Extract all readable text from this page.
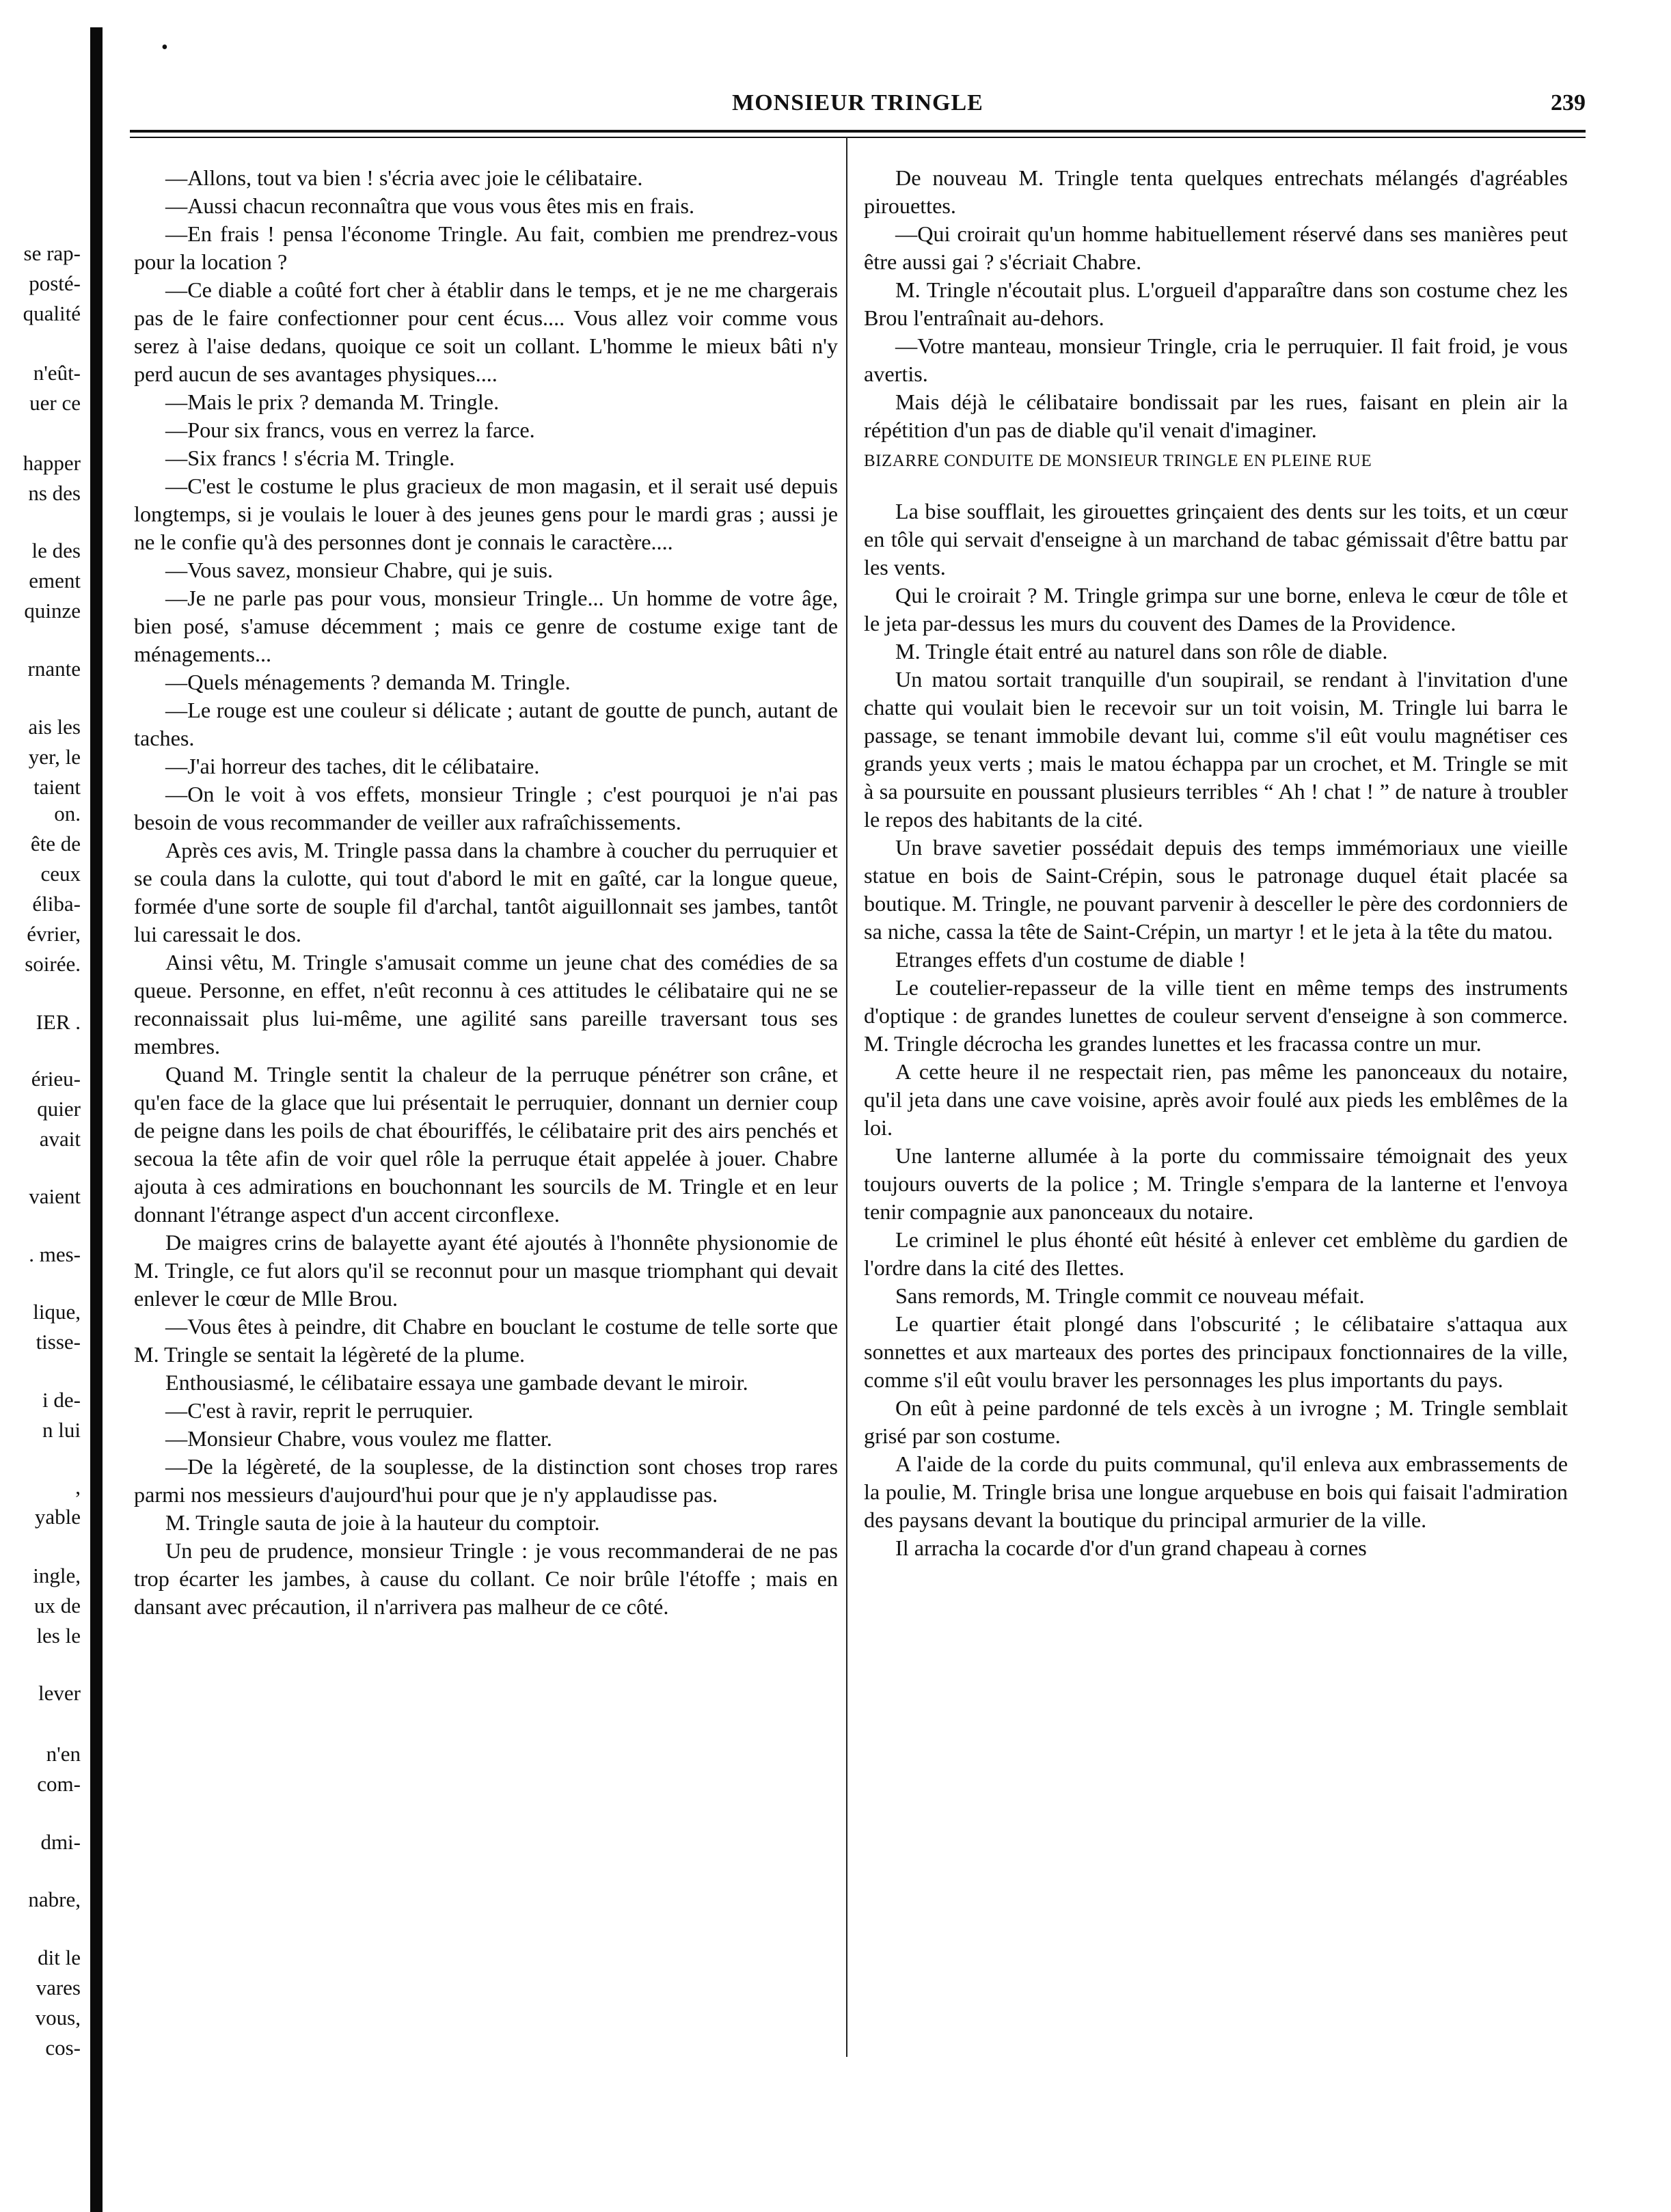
se rap-
posté-
qualité
n'eût-
uer ce
happer
ns des
le des
ement
quinze
rnante
ais les
yer, le
taient
on.
ête de
ceux
éliba-
évrier,
soirée.
IER .
érieu-
quier
avait
vaient
. mes-
lique,
tisse-
i de-
n lui
,
yable
ingle,
ux de
les le
lever
n'en
com-
dmi-
nabre,
dit le
vares
vous,
cos-
•
MONSIEUR TRINGLE	239

—Allons, tout va bien ! s'écria avec joie le célibataire.

—Aussi chacun reconnaîtra que vous vous êtes mis en frais.

—En frais ! pensa l'économe Tringle. Au fait, combien me prendrez-vous pour la location ?

—Ce diable a coûté fort cher à établir dans le temps, et je ne me chargerais pas de le faire confectionner pour cent écus.... Vous allez voir comme vous serez à l'aise dedans, quoique ce soit un collant. L'homme le mieux bâti n'y perd aucun de ses avantages physiques....

—Mais le prix ? demanda M. Tringle.

—Pour six francs, vous en verrez la farce.

—Six francs ! s'écria M. Tringle.

—C'est le costume le plus gracieux de mon magasin, et il serait usé depuis longtemps, si je voulais le louer à des jeunes gens pour le mardi gras ; aussi je ne le confie qu'à des personnes dont je connais le caractère....

—Vous savez, monsieur Chabre, qui je suis.

—Je ne parle pas pour vous, monsieur Tringle... Un homme de votre âge, bien posé, s'amuse décemment ; mais ce genre de costume exige tant de ménagements...

—Quels ménagements ? demanda M. Tringle.

—Le rouge est une couleur si délicate ; autant de goutte de punch, autant de taches.

—J'ai horreur des taches, dit le célibataire.

—On le voit à vos effets, monsieur Tringle ; c'est pourquoi je n'ai pas besoin de vous recommander de veiller aux rafraîchissements.

Après ces avis, M. Tringle passa dans la chambre à coucher du perruquier et se coula dans la culotte, qui tout d'abord le mit en gaîté, car la longue queue, formée d'une sorte de souple fil d'archal, tantôt aiguillonnait ses jambes, tantôt lui caressait le dos.

Ainsi vêtu, M. Tringle s'amusait comme un jeune chat des comédies de sa queue. Personne, en effet, n'eût reconnu à ces attitudes le célibataire qui ne se reconnaissait plus lui-même, une agilité sans pareille traversant tous ses membres.

Quand M. Tringle sentit la chaleur de la perruque pénétrer son crâne, et qu'en face de la glace que lui présentait le perruquier, donnant un dernier coup de peigne dans les poils de chat ébouriffés, le célibataire prit des airs penchés et secoua la tête afin de voir quel rôle la perruque était appelée à jouer. Chabre ajouta à ces admirations en bouchonnant les sourcils de M. Tringle et en leur donnant l'étrange aspect d'un accent circonflexe.

De maigres crins de balayette ayant été ajoutés à l'honnête physionomie de M. Tringle, ce fut alors qu'il se reconnut pour un masque triomphant qui devait enlever le cœur de Mlle Brou.

—Vous êtes à peindre, dit Chabre en bouclant le costume de telle sorte que M. Tringle se sentait la légèreté de la plume.

Enthousiasmé, le célibataire essaya une gambade devant le miroir.

—C'est à ravir, reprit le perruquier.

—Monsieur Chabre, vous voulez me flatter.

—De la légèreté, de la souplesse, de la distinction sont choses trop rares parmi nos messieurs d'aujourd'hui pour que je n'y applaudisse pas.

M. Tringle sauta de joie à la hauteur du comptoir.

Un peu de prudence, monsieur Tringle : je vous recommanderai de ne pas trop écarter les jambes, à cause du collant. Ce noir brûle l'étoffe ; mais en dansant avec précaution, il n'arrivera pas malheur de ce côté.

De nouveau M. Tringle tenta quelques entrechats mélangés d'agréables pirouettes.

—Qui croirait qu'un homme habituellement réservé dans ses manières peut être aussi gai ? s'écriait Chabre.

M. Tringle n'écoutait plus. L'orgueil d'apparaître dans son costume chez les Brou l'entraînait au-dehors.

—Votre manteau, monsieur Tringle, cria le perruquier. Il fait froid, je vous avertis.

Mais déjà le célibataire bondissait par les rues, faisant en plein air la répétition d'un pas de diable qu'il venait d'imaginer.

BIZARRE CONDUITE DE MONSIEUR TRINGLE EN PLEINE RUE

La bise soufflait, les girouettes grinçaient des dents sur les toits, et un cœur en tôle qui servait d'enseigne à un marchand de tabac gémissait d'être battu par les vents.

Qui le croirait ? M. Tringle grimpa sur une borne, enleva le cœur de tôle et le jeta par-dessus les murs du couvent des Dames de la Providence.

M. Tringle était entré au naturel dans son rôle de diable.

Un matou sortait tranquille d'un soupirail, se rendant à l'invitation d'une chatte qui voulait bien le recevoir sur un toit voisin, M. Tringle lui barra le passage, se tenant immobile devant lui, comme s'il eût voulu magnétiser ces grands yeux verts ; mais le matou échappa par un crochet, et M. Tringle se mit à sa poursuite en poussant plusieurs terribles “ Ah ! chat ! ” de nature à troubler le repos des habitants de la cité.

Un brave savetier possédait depuis des temps immémoriaux une vieille statue en bois de Saint-Crépin, sous le patronage duquel était placée sa boutique. M. Tringle, ne pouvant parvenir à desceller le père des cordonniers de sa niche, cassa la tête de Saint-Crépin, un martyr ! et le jeta à la tête du matou.

Etranges effets d'un costume de diable !

Le coutelier-repasseur de la ville tient en même temps des instruments d'optique : de grandes lunettes de couleur servent d'enseigne à son commerce. M. Tringle décrocha les grandes lunettes et les fracassa contre un mur.

A cette heure il ne respectait rien, pas même les panonceaux du notaire, qu'il jeta dans une cave voisine, après avoir foulé aux pieds les emblêmes de la loi.

Une lanterne allumée à la porte du commissaire témoignait des yeux toujours ouverts de la police ; M. Tringle s'empara de la lanterne et l'envoya tenir compagnie aux panonceaux du notaire.

Le criminel le plus éhonté eût hésité à enlever cet emblème du gardien de l'ordre dans la cité des Ilettes.

Sans remords, M. Tringle commit ce nouveau méfait.

Le quartier était plongé dans l'obscurité ; le célibataire s'attaqua aux sonnettes et aux marteaux des portes des principaux fonctionnaires de la ville, comme s'il eût voulu braver les personnages les plus importants du pays.

On eût à peine pardonné de tels excès à un ivrogne ; M. Tringle semblait grisé par son costume.

A l'aide de la corde du puits communal, qu'il enleva aux embrassements de la poulie, M. Tringle brisa une longue arquebuse en bois qui faisait l'admiration des paysans devant la boutique du principal armurier de la ville.

Il arracha la cocarde d'or d'un grand chapeau à cornes
